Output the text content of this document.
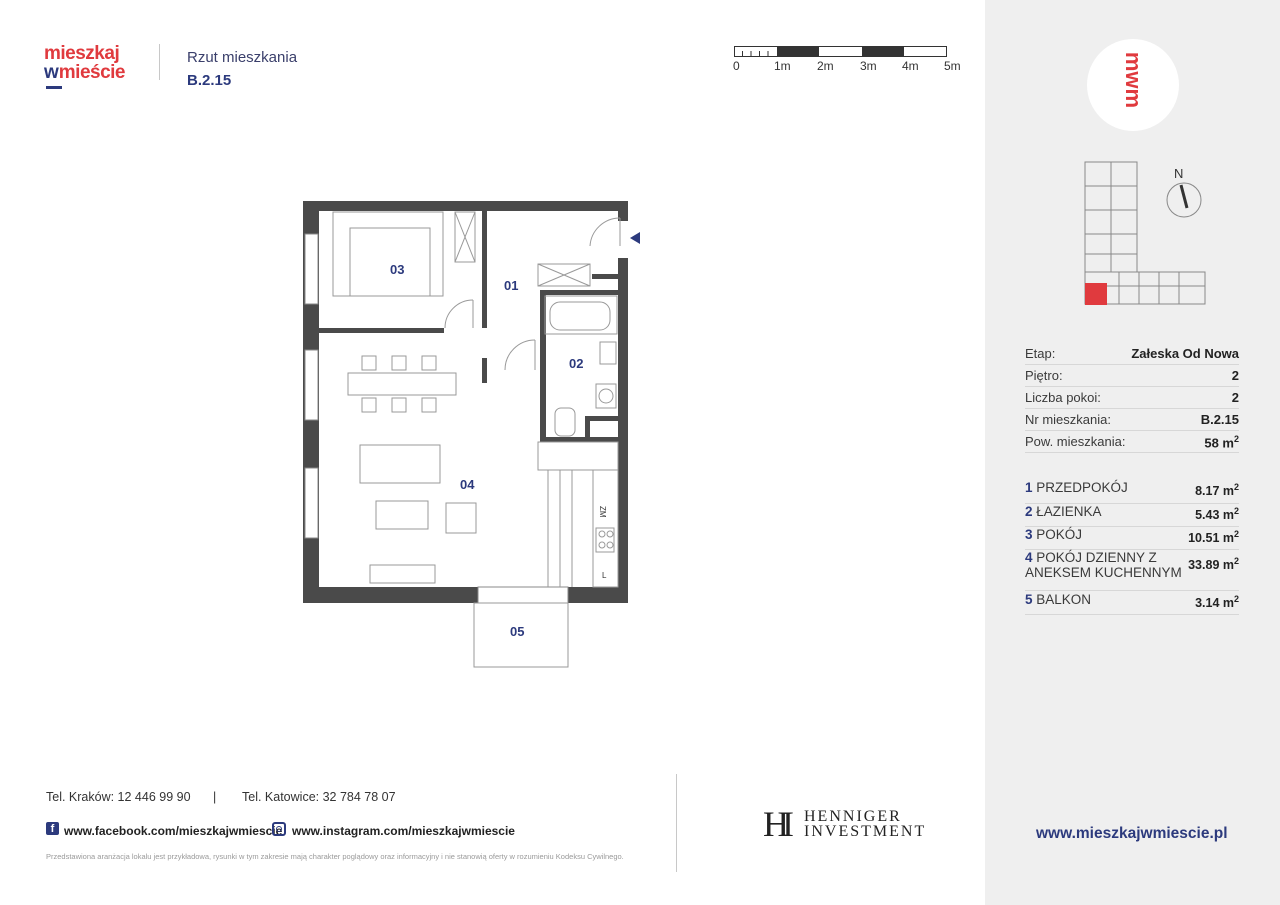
mieszkaj
wmieście
Rzut mieszkania
B.2.15
0	1m 2m 3m 4m 5m
03
01
02
04
05
ZM
L
mwm
N
Etap:	Załeska Od Nowa
Piętro:	2
Liczba pokoi:	2
Nr mieszkania:	B.2.15
Pow. mieszkania:	58 $m^2$
1 PRZEDPOKÓJ	8.17 $m^2$
2 ŁAZIENKA	5.43 $m^2$
3 POKÓJ	10.51 $m^2$
4 POKÓJ DZIENNY Z
ANEKSEM KUCHENNYM 33.89 $m^2$
5 BALKON	3.14 $m^2$
www.mieszkajwmiescie.pl
Tel. Kraków: 12 446 99 90 | Tel. Katowice: 32 784 78 07
f www.facebook.com/mieszkajwmiescie www.instagram.com/mieszkajwmiescie
Przedstawiona aranżacja lokalu jest przykładowa, rysunki w tym zakresie mają charakter poglądowy oraz informacyjny i nie stanowią oferty w rozumieniu Kodeksu Cywilnego.
HI HENNIGER
INVESTMENT
